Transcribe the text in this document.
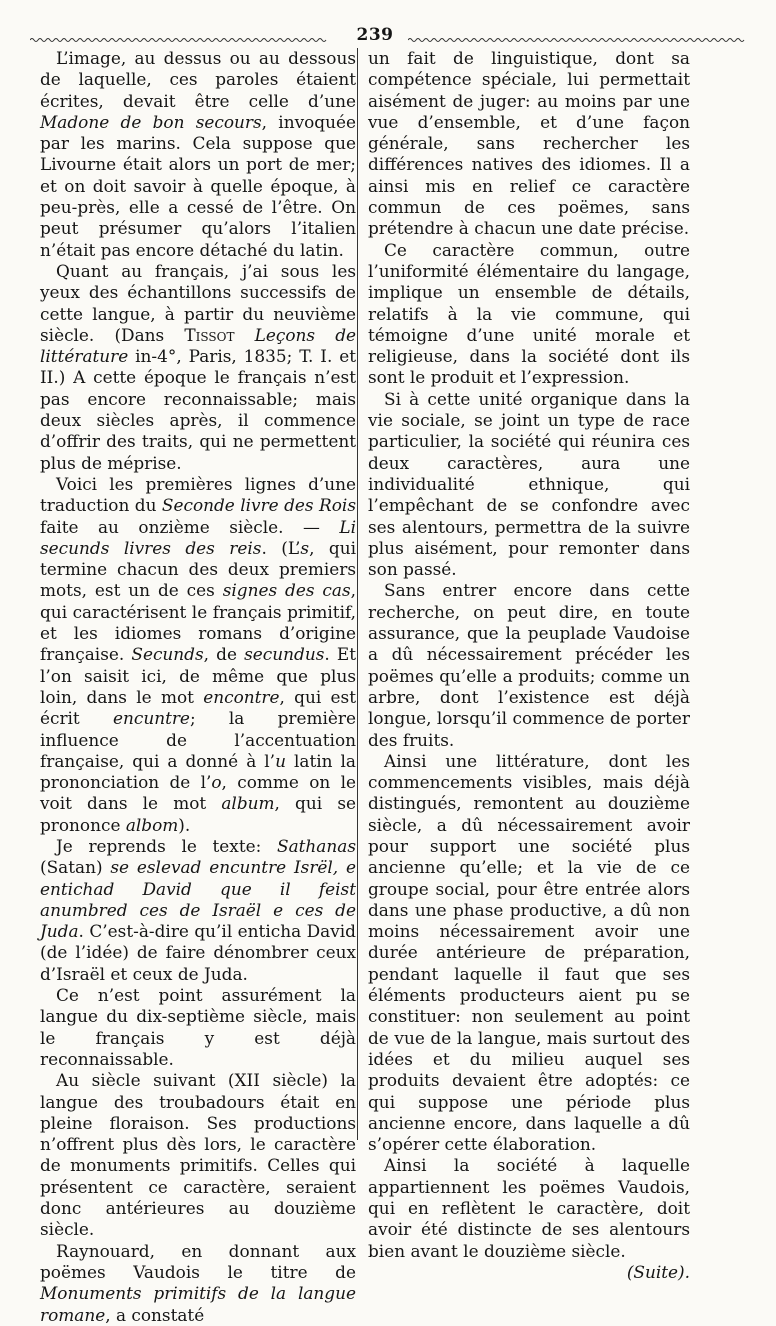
239

L’image, au dessus ou au dessous de laquelle, ces paroles étaient écrites, devait être celle d’une Madone de bon secours, invoquée par les marins. Cela suppose que Livourne était alors un port de mer; et on doit savoir à quelle époque, à peu-près, elle a cessé de l’être. On peut présumer qu’alors l’italien n’était pas encore détaché du latin.

Quant au français, j’ai sous les yeux des échantillons successifs de cette langue, à partir du neuvième siècle. (Dans Tissot Leçons de littérature in-4°, Paris, 1835; T. I. et II.) A cette époque le français n’est pas encore reconnaissable; mais deux siècles après, il commence d’offrir des traits, qui ne permettent plus de méprise.

Voici les premières lignes d’une traduction du Seconde livre des Rois faite au onzième siècle. — Li secunds livres des reis. (L’s, qui termine chacun des deux premiers mots, est un de ces signes des cas, qui caractérisent le français primitif, et les idiomes romans d’origine française. Secunds, de secundus. Et l’on saisit ici, de même que plus loin, dans le mot encontre, qui est écrit encuntre; la première influence de l’accentuation française, qui a donné à l’u latin la prononciation de l’o, comme on le voit dans le mot album, qui se prononce albom).

Je reprends le texte: Sathanas (Satan) se eslevad encuntre Isrël, e entichad David que il feist anumbred ces de Israël e ces de Juda. C’est-à-dire qu’il enticha David (de l’idée) de faire dénombrer ceux d’Israël et ceux de Juda.

Ce n’est point assurément la langue du dix-septième siècle, mais le français y est déjà reconnaissable.

Au siècle suivant (XII siècle) la langue des troubadours était en pleine floraison. Ses productions n’offrent plus dès lors, le caractère de monuments primitifs. Celles qui présentent ce caractère, seraient donc antérieures au douzième siècle.

Raynouard, en donnant aux poëmes Vaudois le titre de Monuments primitifs de la langue romane, a constaté

un fait de linguistique, dont sa compétence spéciale, lui permettait aisément de juger: au moins par une vue d’ensemble, et d’une façon générale, sans rechercher les différences natives des idiomes. Il a ainsi mis en relief ce caractère commun de ces poëmes, sans prétendre à chacun une date précise.

Ce caractère commun, outre l’uniformité élémentaire du langage, implique un ensemble de détails, relatifs à la vie commune, qui témoigne d’une unité morale et religieuse, dans la société dont ils sont le produit et l’expression.

Si à cette unité organique dans la vie sociale, se joint un type de race particulier, la société qui réunira ces deux caractères, aura une individualité ethnique, qui l’empêchant de se confondre avec ses alentours, permettra de la suivre plus aisément, pour remonter dans son passé.

Sans entrer encore dans cette recherche, on peut dire, en toute assurance, que la peuplade Vaudoise a dû nécessairement précéder les poëmes qu’elle a produits; comme un arbre, dont l’existence est déjà longue, lorsqu’il commence de porter des fruits.

Ainsi une littérature, dont les commencements visibles, mais déjà distingués, remontent au douzième siècle, a dû nécessairement avoir pour support une société plus ancienne qu’elle; et la vie de ce groupe social, pour être entrée alors dans une phase productive, a dû non moins nécessairement avoir une durée antérieure de préparation, pendant laquelle il faut que ses éléments producteurs aient pu se constituer: non seulement au point de vue de la langue, mais surtout des idées et du milieu auquel ses produits devaient être adoptés: ce qui suppose une période plus ancienne encore, dans laquelle a dû s’opérer cette élaboration.

Ainsi la société à laquelle appartiennent les poëmes Vaudois, qui en reflètent le caractère, doit avoir été distincte de ses alentours bien avant le douzième siècle.
(Suite).
